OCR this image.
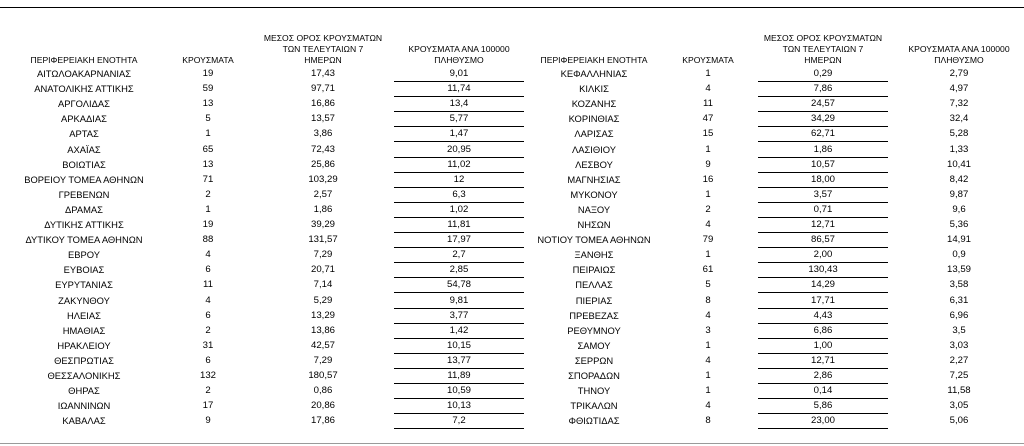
ΠΕΡΙΦΕΡΕΙΑΚΗ ΕΝΟΤΗΤΑ	ΚΡΟΥΣΜΑΤΑ
ΜΕΣΟΣ ΟΡΟΣ ΚΡΟΥΣΜΑΤΩΝ
ΤΩΝ ΤΕΛΕΥΤΑΙΩΝ 7
ΗΜΕΡΩΝ
ΚΡΟΥΣΜΑΤΑ ΑΝΑ 100000
ΠΛΗΘΥΣΜΟ
ΑΙΤΩΛΟΑΚΑΡΝΑΝΙΑΣ	19	17,43	9,01
ΑΝΑΤΟΛΙΚΗΣ ΑΤΤΙΚΗΣ	59	97,71	11,74
ΑΡΓΟΛΙΔΑΣ	13	16,86	13,4
ΑΡΚΑΔΙΑΣ	5	13,57	5,77
ΑΡΤΑΣ	1	3,86	1,47
ΑΧΑΪΑΣ	65	72,43	20,95
ΒΟΙΩΤΙΑΣ	13	25,86	11,02
ΒΟΡΕΙΟΥ ΤΟΜΕΑ ΑΘΗΝΩΝ	71	103,29	12
ΓΡΕΒΕΝΩΝ	2	2,57	6,3
ΔΡΑΜΑΣ	1	1,86	1,02
ΔΥΤΙΚΗΣ ΑΤΤΙΚΗΣ	19	39,29	11,81
ΔΥΤΙΚΟΥ ΤΟΜΕΑ ΑΘΗΝΩΝ	88	131,57	17,97
ΕΒΡΟΥ	4	7,29	2,7
ΕΥΒΟΙΑΣ	6	20,71	2,85
ΕΥΡΥΤΑΝΙΑΣ	11	7,14	54,78
ΖΑΚΥΝΘΟΥ	4	5,29	9,81
ΗΛΕΙΑΣ	6	13,29	3,77
ΗΜΑΘΙΑΣ	2	13,86	1,42
ΗΡΑΚΛΕΙΟΥ	31	42,57	10,15
ΘΕΣΠΡΩΤΙΑΣ	6	7,29	13,77
ΘΕΣΣΑΛΟΝΙΚΗΣ	132	180,57	11,89
ΘΗΡΑΣ	2	0,86	10,59
ΙΩΑΝΝΙΝΩΝ	17	20,86	10,13
ΚΑΒΑΛΑΣ	9	17,86	7,2
ΠΕΡΙΦΕΡΕΙΑΚΗ ΕΝΟΤΗΤΑ	ΚΡΟΥΣΜΑΤΑ
ΜΕΣΟΣ ΟΡΟΣ ΚΡΟΥΣΜΑΤΩΝ
ΤΩΝ ΤΕΛΕΥΤΑΙΩΝ 7
ΗΜΕΡΩΝ
ΚΡΟΥΣΜΑΤΑ ΑΝΑ 100000
ΠΛΗΘΥΣΜΟ
ΚΕΦΑΛΛΗΝΙΑΣ	1	0,29	2,79
ΚΙΛΚΙΣ	4	7,86	4,97
ΚΟΖΑΝΗΣ	11	24,57	7,32
ΚΟΡΙΝΘΙΑΣ	47	34,29	32,4
ΛΑΡΙΣΑΣ	15	62,71	5,28
ΛΑΣΙΘΙΟΥ	1	1,86	1,33
ΛΕΣΒΟΥ	9	10,57	10,41
ΜΑΓΝΗΣΙΑΣ	16	18,00	8,42
ΜΥΚΟΝΟΥ	1	3,57	9,87
ΝΑΞΟΥ	2	0,71	9,6
ΝΗΣΩΝ	4	12,71	5,36
ΝΟΤΙΟΥ ΤΟΜΕΑ ΑΘΗΝΩΝ	79	86,57	14,91
ΞΑΝΘΗΣ	1	2,00	0,9
ΠΕΙΡΑΙΩΣ	61	130,43	13,59
ΠΕΛΛΑΣ	5	14,29	3,58
ΠΙΕΡΙΑΣ	8	17,71	6,31
ΠΡΕΒΕΖΑΣ	4	4,43	6,96
ΡΕΘΥΜΝΟΥ	3	6,86	3,5
ΣΑΜΟΥ	1	1,00	3,03
ΣΕΡΡΩΝ	4	12,71	2,27
ΣΠΟΡΑΔΩΝ	1	2,86	7,25
ΤΗΝΟΥ	1	0,14	11,58
ΤΡΙΚΑΛΩΝ	4	5,86	3,05
ΦΘΙΩΤΙΔΑΣ	8	23,00	5,06
